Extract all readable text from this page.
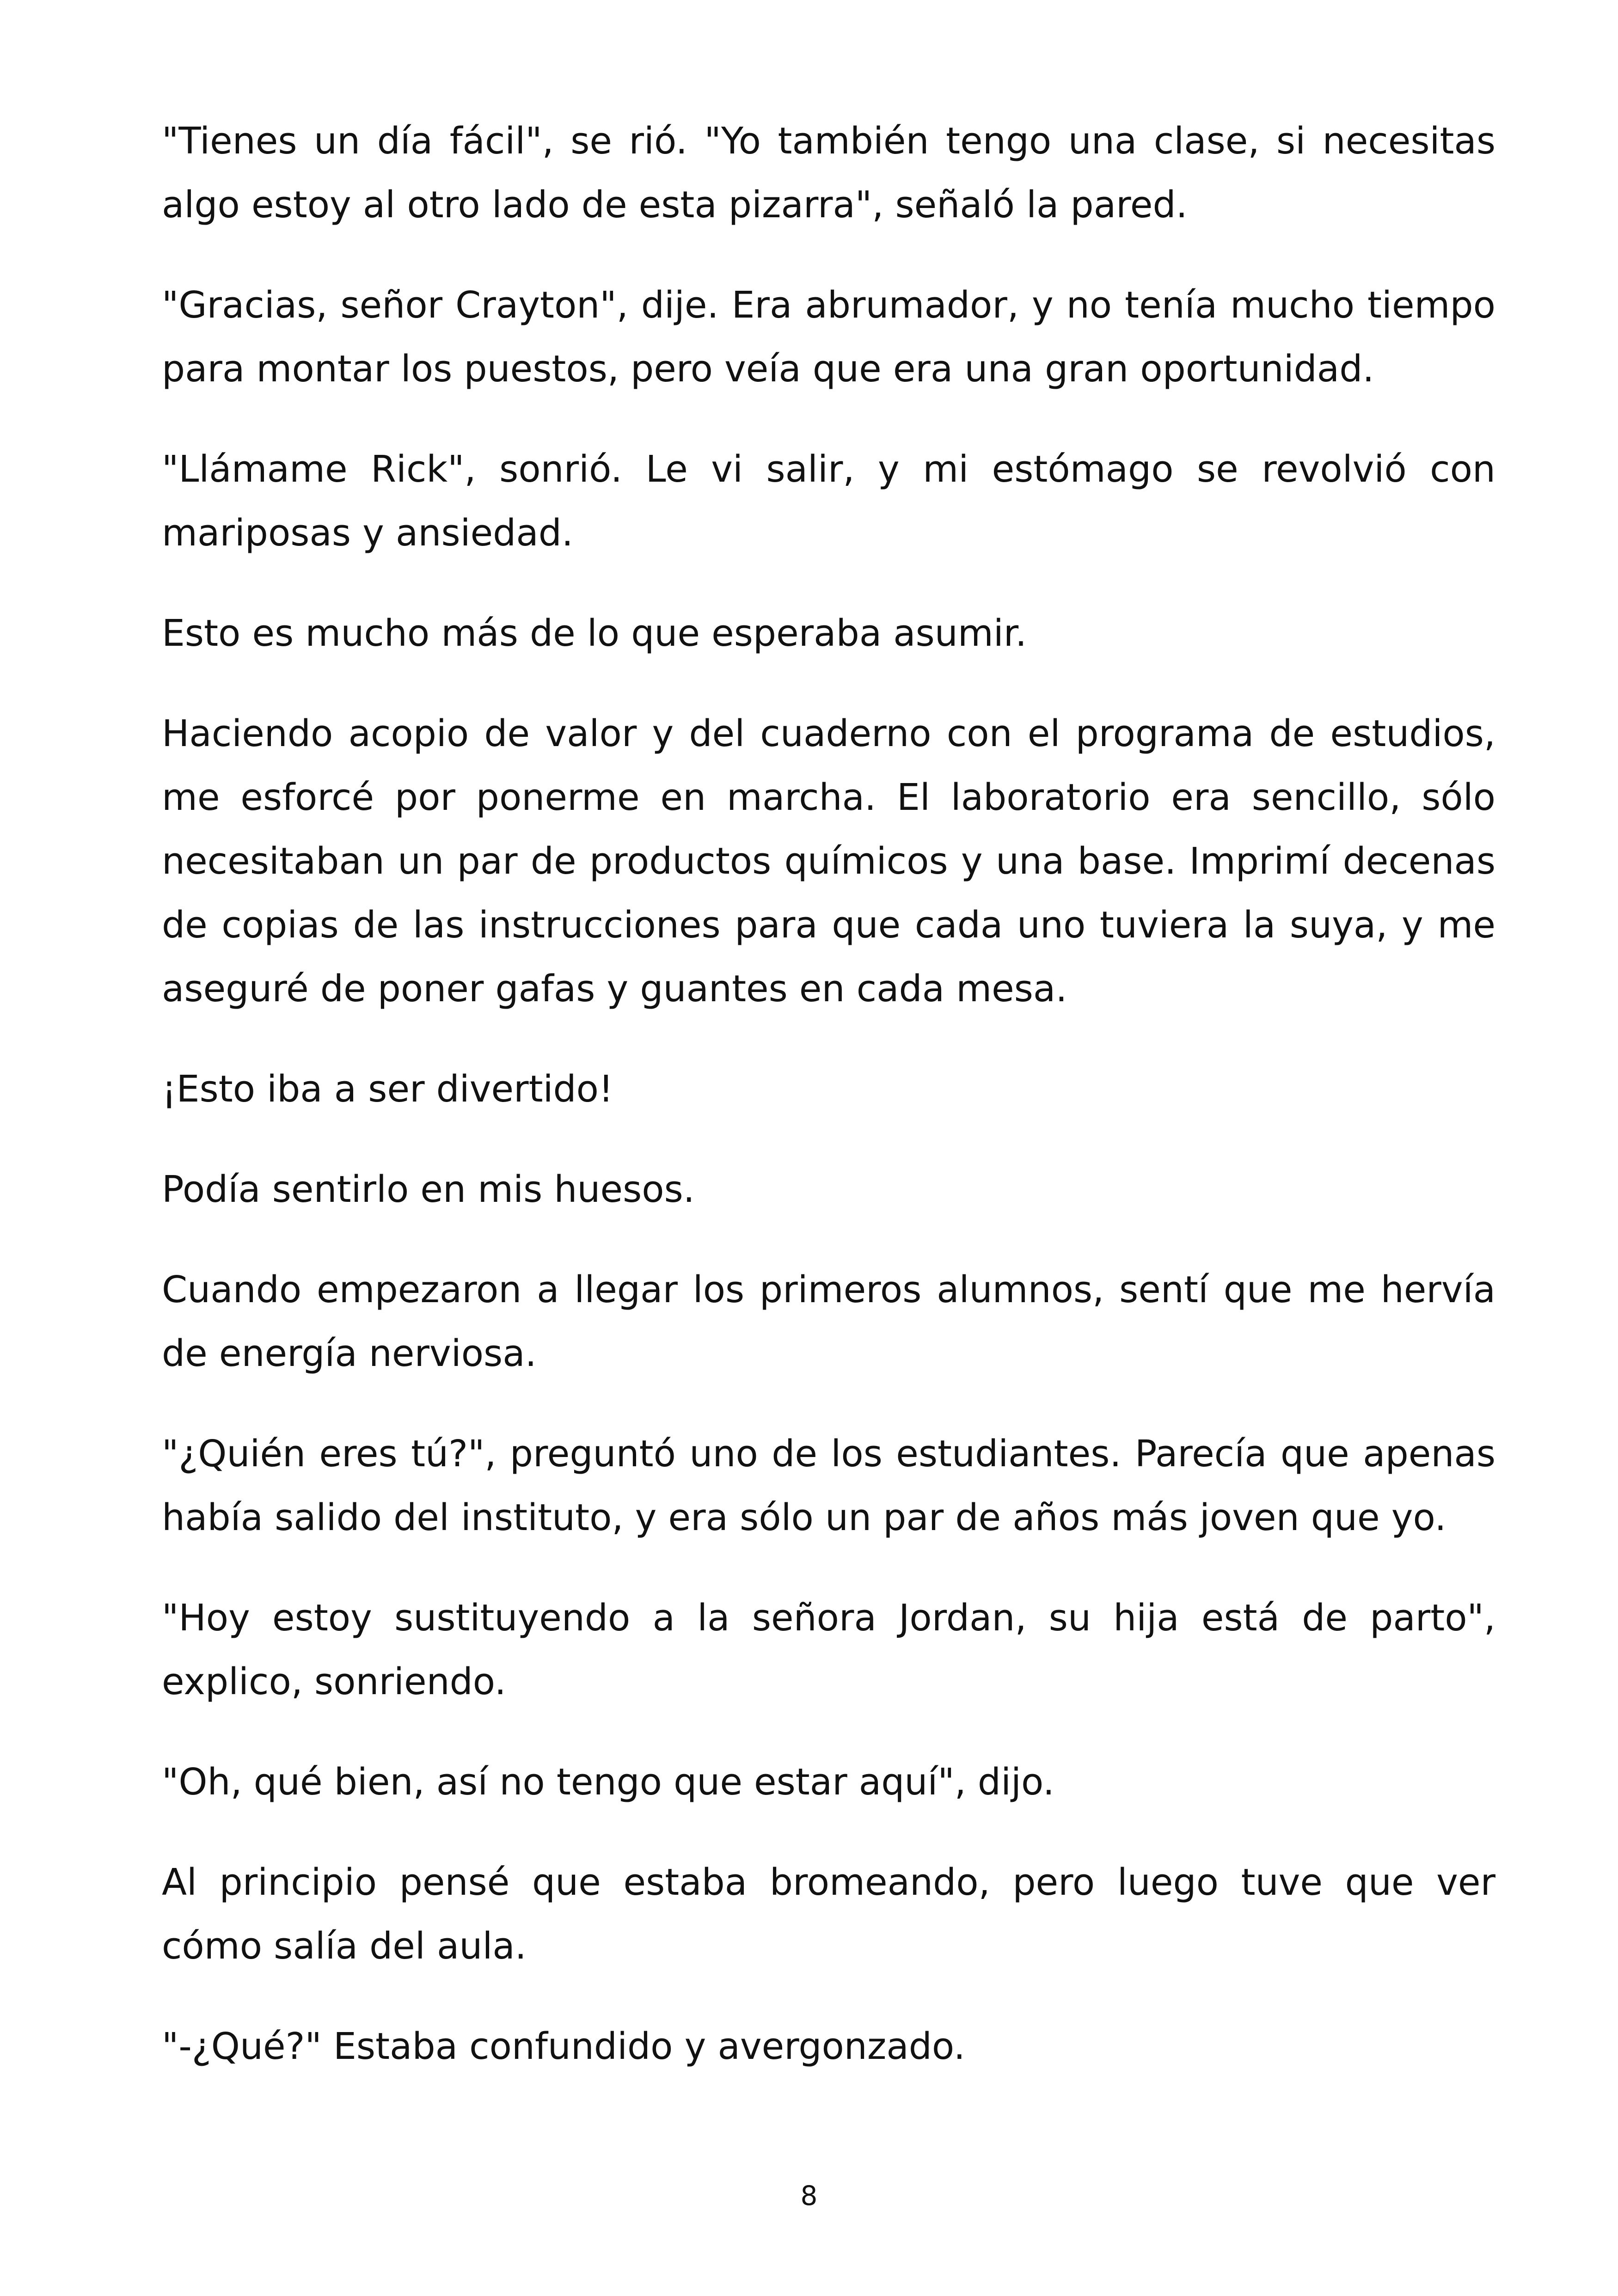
"Tienes un día fácil", se rió. "Yo también tengo una clase, si necesitas algo estoy al otro lado de esta pizarra", señaló la pared.

"Gracias, señor Crayton", dije. Era abrumador, y no tenía mucho tiempo para montar los puestos, pero veía que era una gran oportunidad.

"Llámame Rick", sonrió. Le vi salir, y mi estómago se revolvió con mariposas y ansiedad.

Esto es mucho más de lo que esperaba asumir.

Haciendo acopio de valor y del cuaderno con el programa de estudios, me esforcé por ponerme en marcha. El laboratorio era sencillo, sólo necesitaban un par de productos químicos y una base. Imprimí decenas de copias de las instrucciones para que cada uno tuviera la suya, y me aseguré de poner gafas y guantes en cada mesa.

¡Esto iba a ser divertido!

Podía sentirlo en mis huesos.

Cuando empezaron a llegar los primeros alumnos, sentí que me hervía de energía nerviosa.

"¿Quién eres tú?", preguntó uno de los estudiantes. Parecía que apenas había salido del instituto, y era sólo un par de años más joven que yo.

"Hoy estoy sustituyendo a la señora Jordan, su hija está de parto", explico, sonriendo.

"Oh, qué bien, así no tengo que estar aquí", dijo.

Al principio pensé que estaba bromeando, pero luego tuve que ver cómo salía del aula.

"-¿Qué?" Estaba confundido y avergonzado.

8
